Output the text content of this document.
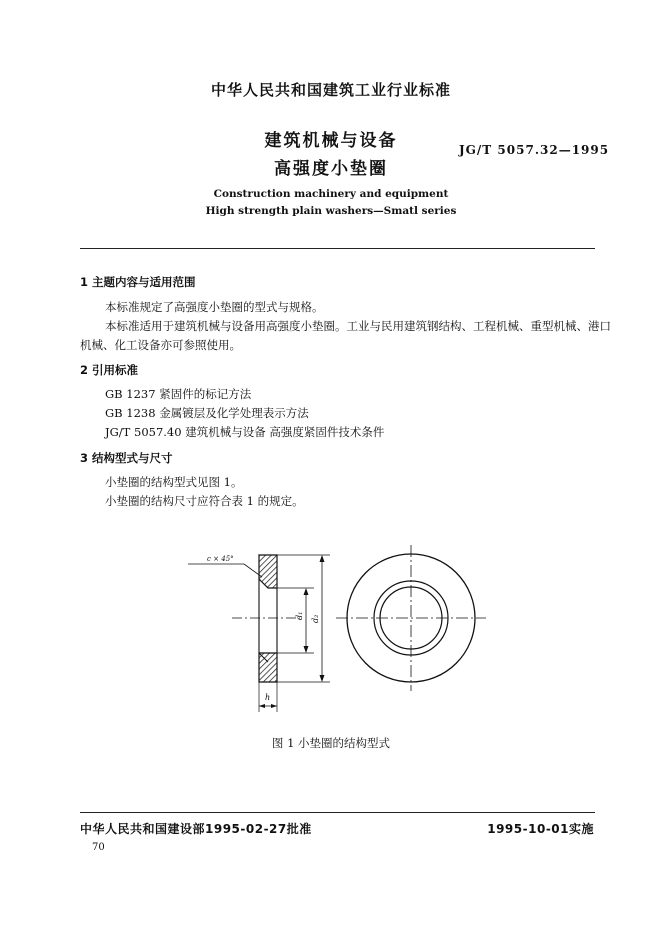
中华人民共和国建筑工业行业标准
建筑机械与设备
高强度小垫圈
JG/T 5057.32—1995
Construction machinery and equipment
High strength plain washers—Smatl series
1 主题内容与适用范围
本标准规定了高强度小垫圈的型式与规格。
本标准适用于建筑机械与设备用高强度小垫圈。工业与民用建筑钢结构、工程机械、重型机械、港口
机械、化工设备亦可参照使用。
2 引用标准
GB 1237 紧固件的标记方法
GB 1238 金属镀层及化学处理表示方法
JG/T 5057.40 建筑机械与设备 高强度紧固件技术条件
3 结构型式与尺寸
小垫圈的结构型式见图 1。
小垫圈的结构尺寸应符合表 1 的规定。
c × 45°
d₁ d₂
h
图 1 小垫圈的结构型式
中华人民共和国建设部1995-02-27批准	1995-10-01实施
70
